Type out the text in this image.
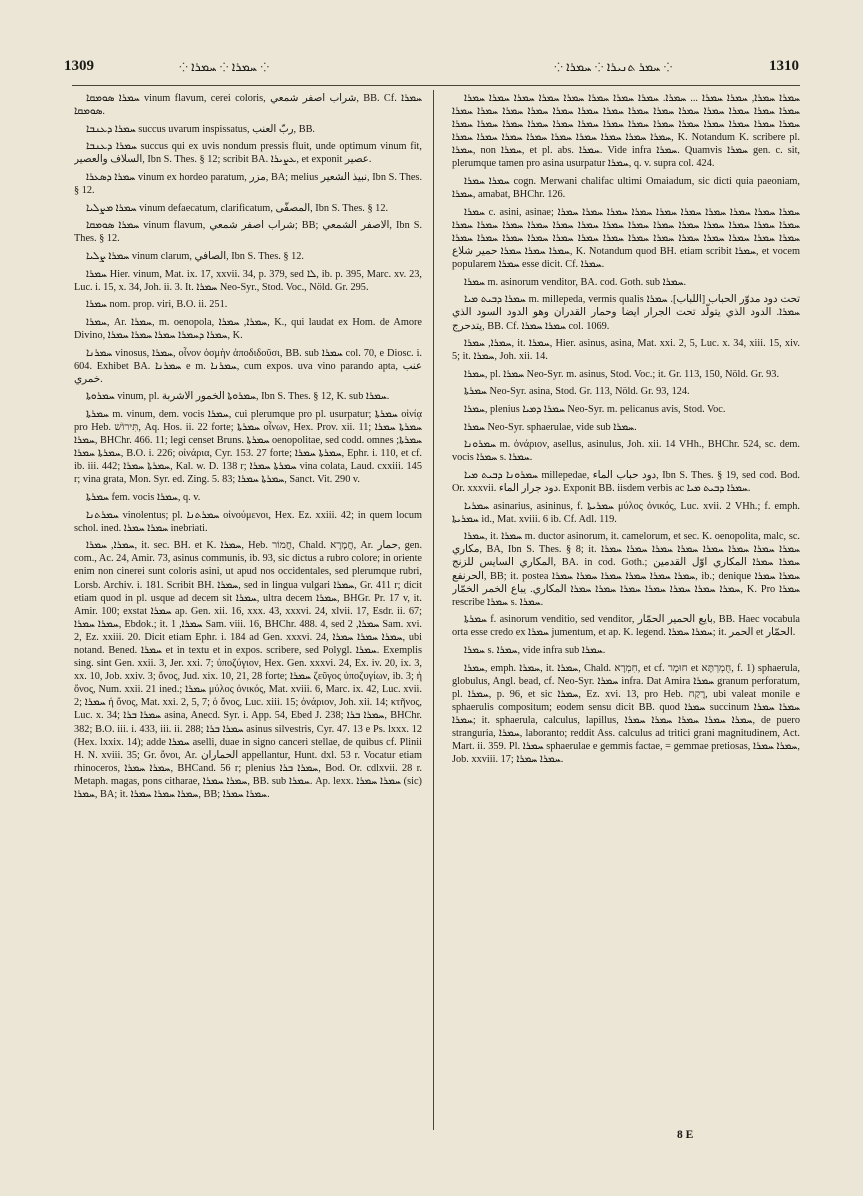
1309	⁘ ܚܡܪܐ ⁘ ܚܡܪܐ ⁘	⁘ ܚܡܪ ܬܢܝܪܐ ⁘ ܚܡܪܐ ⁘	1310

ܚܡܪܐ ܣܘܡܩܐ vinum flavum, cerei coloris, شراب اصفر شمعي, BB. Cf. ܚܡܪܐ ܣܘܡܩܐ.

ܚܡܪܐ ܕܥܢܒܐ succus uvarum inspissatus, ربّ العنب, BB.

ܚܡܪܐ ܕܥܢܒܐ succus qui ex uvis nondum pressis fluit, unde optimum vinum fit, السلاف والعصير, Ibn S. Thes. § 12; scribit BA. ܥܨܝܪܐ, et exponit عصير.

ܚܡܪܐ ܕܣܥܪܐ vinum ex hordeo paratum, مزر, BA; melius نبيذ الشعير, Ibn S. Thes. § 12.

ܚܡܪܐ ܡܨܠܝܐ vinum defaecatum, clarificatum, المصفّى, Ibn S. Thes. § 12.

ܚܡܪܐ ܣܘܡܩܐ vinum flavum, شراب اصفر شمعي; BB; الاصفر الشمعي, Ibn S. Thes. § 12.

ܚܡܪܐ ܨܠܝܐ vinum clarum, الصافي, Ibn S. Thes. § 12.

ܚܡܪܐ Hier. vinum, Mat. ix. 17, xxvii. 34, p. 379, sed ܠܐ, ib. p. 395, Marc. xv. 23, Luc. i. 15, x. 34, Joh. ii. 3. It. ܚܡܪܐ Neo-Syr., Stod. Voc., Nöld. Gr. 295.

ܚܡܪܐ nom. prop. viri, B.O. ii. 251.

ܚܡܪܐ, Ar. ܚܡܪܐ, m. oenopola, ܚܡܪܐ, ܚܡܪܐ, K., qui laudat ex Hom. de Amore Divino, ܚܡܪܐ ܕܚܡܪܐ ܚܡܪܐ ܚܡܪܐ ܚܡܪܐ, K.

ܚܡܪܢܐ vinosus, ܚܡܪܐ, οἶνον ὀσμὴν ἀποδιδοῦσι, BB. sub ܚܡܪܐ col. 70, e Diosc. i. 604. Exhibet BA. ܚܡܪܢܐ e m. ܚܡܪܢܐ, cum expos. uva vino parando apta, عنب خمري.

ܚܡܪܘܬܐ vinum, pl. ܚܡܪܘܬܐ الخمور الاشربة, Ibn S. Thes. § 12, K. sub ܚܡܪܐ.

ܚܡܪܬܐ m. vinum, dem. vocis ܚܡܪܐ, cui plerumque pro pl. usurpatur; ܚܡܪܬܐ οἰνίᾳ pro Heb. תִּירוֹשׁ, Aq. Hos. ii. 22 forte; ܚܡܪܬܐ οἶνων, Hex. Prov. xii. 11; ܚܡܪܬܐ ܚܡܪܐ ܚܡܪܐ, BHChr. 466. 11; legi censet Bruns. ܚܡܪܬܐ oenopolitae, sed codd. omnes ܚܡܪܬܐ; ܚܡܪܬܐ ܚܡܪܐ, B.O. i. 226; οἰνάρια, Cyr. 153. 27 forte; ܚܡܪܬܐ ܚܡܪܐ, Ephr. i. 110, et cf. ib. iii. 442; ܚܡܪܬܐ ܚܡܪܐ, Kal. w. D. 138 r; ܚܡܪܬܐ ܚܡܪܐ vina colata, Laud. cxxiii. 145 r; vina grata, Mon. Syr. ed. Zing. 5. 83; ܚܡܪܬܐ ܚܡܪܐ, Sanct. Vit. 290 v.

ܚܡܪܬܐ fem. vocis ܚܡܪܐ, q. v.

ܚܡܪܬܢܐ vinolentus; pl. ܚܡܪܬܢܐ οἰνούμενοι, Hex. Ez. xxiii. 42; in quem locum schol. ined. ܚܡܪܐ ܚܡܪܐ inebriati.

ܚܡܪܐ, ܚܡܪܐ, it. sec. BH. et K. ܚܡܪܐ, Heb. חֲמוֹר, Chald. חֲמָרָא, Ar. حمار, gen. com., Ac. 24, Amir. 73, asinus communis, ib. 93, sic dictus a rubro colore; in oriente enim non cinerei sunt coloris asini, ut apud nos occidentales, sed plerumque rubri, Lorsb. Archiv. i. 181. Scribit BH. ܚܡܪܐ, sed in lingua vulgari ܚܡܪܐ, Gr. 411 r; dicit etiam quod in pl. usque ad decem sit ܚܡܪܐ, ultra decem ܚܡܪܐ, BHGr. Pr. 17 v, it. Amir. 100; exstat ܚܡܪܐ ap. Gen. xii. 16, xxx. 43, xxxvi. 24, xlvii. 17, Esdr. ii. 67; ܚܡܪܐ ܚܡܪܐ, Ebdok.; it. ܚܡܪܐ, 1 Sam. viii. 16, BHChr. 488. 4, sed ܚܡܪܐ, 2 Sam. xvi. 2, Ez. xxiii. 20. Dicit etiam Ephr. i. 184 ad Gen. xxxvi. 24, ܚܡܪܐ ܚܡܪܐ ܚܡܪܐ, ubi notand. Bened. ܚܡܪܐ et in textu et in expos. scribere, sed Polygl. ܚܡܪܐ. Exemplis sing. sint Gen. xxii. 3, Jer. xxi. 7; ὑποζύγιον, Hex. Gen. xxxvi. 24, Ex. iv. 20, ix. 3, xx. 10, Job. xxiv. 3; ὄνος, Jud. xix. 10, 21, 28 forte; ܚܡܪܐ ζεῦγος ὑποζυγίων, ib. 3; ἡ ὄνος, Num. xxii. 21 ined.; ܚܡܪܐ μύλος ὀνικός, Mat. xviii. 6, Marc. ix. 42, Luc. xvii. 2; ܚܡܪܐ ἡ ὄνος, Mat. xxi. 2, 5, 7; ὁ ὄνος, Luc. xiii. 15; ὀνάριον, Joh. xii. 14; κτῆνος, Luc. x. 34; ܚܡܪܐ ܒܪܐ asina, Anecd. Syr. i. App. 54, Ebed J. 238; ܚܡܪܐ ܒܪܐ, BHChr. 382; B.O. iii. i. 433, iii. ii. 288; ܚܡܪܐ ܒܪܐ asinus silvestris, Cyr. 47. 13 e Ps. lxxx. 12 (Hex. lxxix. 14); adde ܚܡܪܐ aselli, duae in signo canceri stellae, de quibus cf. Plinii H. N. xviii. 35; Gr. ὄνοι, Ar. الحماران appellantur, Hunt. dxl. 53 r. Vocatur etiam rhinoceros, ܚܡܪܐ ܚܡܪܐ, BHCand. 56 r; plenius ܚܡܪܐ ܒܪܐ, Bod. Or. cdlxvii. 28 r. Metaph. magas, pons citharae, ܚܡܪܐ ܚܡܪܐ, BB. sub ܚܡܪܐ. Ap. lexx. ܚܡܪܐ ܚܡܪܐ (sic) ܚܡܪܐ, BA; it. ܚܡܪܐ ܚܡܪܐ ܚܡܪܐ, BB; ܚܡܪܐ ܚܡܪܐ.

ܚܡܪܐ ܚܡܪܐ, ܚܡܪܐ ܚܡܪܐ ... ܚܡܪܐ. ܚܡܪܐ ܚܡܪܐ ܚܡܪܐ ܚܡܪܐ ܚܡܪܐ ܚܡܪܐ ܚܡܪܐ ܚܡܪܐ ܚܡܪܐ ܚܡܪܐ ܚܡܪܐ ܚܡܪܐ ܚܡܪܐ ܚܡܪܐ ܚܡܪܐ ܚܡܪܐ ܚܡܪܐ ܚܡܪܐ ܚܡܪܐ ܚܡܪܐ ܚܡܪܐ ܚܡܪܐ ܚܡܪܐ ܚܡܪܐ ܚܡܪܐ ܚܡܪܐ ܚܡܪܐ ܚܡܪܐ ܚܡܪܐ ܚܡܪܐ ܚܡܪܐ ܚܡܪܐ ܚܡܪܐ ܚܡܪܐ ܚܡܪܐ ܚܡܪܐ ܚܡܪܐ ܚܡܪܐ ܚܡܪܐ ܚܡܪܐ ܚܡܪܐ ܚܡܪܐ ܚܡܪܐ ܚܡܪܐ ܚܡܪܐ, K. Notandum K. scribere pl. ܚܡܪܐ, non ܚܡܪܐ, et pl. abs. ܚܡܪܐ. Vide infra ܚܡܪܐ. Quamvis ܚܡܪܐ gen. c. sit, plerumque tamen pro asina usurpatur ܚܡܪܐ, q. v. supra col. 424.

ܚܡܪܐ ܚܡܪܐ cogn. Merwani chalifac ultimi Omaiadum, sic dicti quia paeoniam, ܚܡܪܐ, amabat, BHChr. 126.

ܚܡܪܐ c. asini, asinae; ܚܡܪܐ ܚܡܪܐ ܚܡܪܐ ܚܡܪܐ ܚܡܪܐ ܚܡܪܐ ܚܡܪܐ ܚܡܪܐ ܚܡܪܐ ܚܡܪܐ ܚܡܪܐ ܚܡܪܐ ܚܡܪܐ ܚܡܪܐ ܚܡܪܐ ܚܡܪܐ ܚܡܪܐ ܚܡܪܐ ܚܡܪܐ ܚܡܪܐ ܚܡܪܐ ܚܡܪܐ ܚܡܪܐ ܚܡܪܐ ܚܡܪܐ ܚܡܪܐ ܚܡܪܐ ܚܡܪܐ ܚܡܪܐ ܚܡܪܐ ܚܡܪܐ ܚܡܪܐ ܚܡܪܐ ܚܡܪܐ ܚܡܪܐ ܚܡܪܐ ܚܡܪܐ ܚܡܪܐ ܚܡܪܐ ܚܡܪܐ ܚܡܪܐ حمير شلاع, K. Notandum quod BH. etiam scribit ܚܡܪܐ, et vocem popularem ܚܡܪܐ esse dicit. Cf. ܚܡܪܐ.

ܚܡܪܐ m. asinorum venditor, BA. cod. Goth. sub ܚܡܪܐ.

ܚܡܪܐ ܕܒܝܬ ܡܝܐ m. millepeda, vermis qualis تحت دود مدوّر الحباب [اللباب]. ܚܡܪܐ ܚܡܪܐ. الدود الذي يتولّد تحت الجرار ايضا وحمار القدران وهو الدود السود الذي يتدحرج, BB. Cf. ܚܡܪܐ ܚܡܪܐ col. 1069.

ܚܡܪܐ, ܚܡܪܐ, it. ܚܡܪܐ, Hier. asinus, asina, Mat. xxi. 2, 5, Luc. x. 34, xiii. 15, xiv. 5; it. ܚܡܪܐ, Joh. xii. 14.

ܚܡܪܐ, pl. ܚܡܪܐ Neo-Syr. m. asinus, Stod. Voc.; it. Gr. 113, 150, Nöld. Gr. 93.

ܚܡܪܬܐ Neo-Syr. asina, Stod. Gr. 113, Nöld. Gr. 93, 124.

ܚܡܪܐ, plenius ܚܡܪܐ ܕܡܝܐ Neo-Syr. m. pelicanus avis, Stod. Voc.

ܚܡܪܐ Neo-Syr. sphaerulae, vide sub ܚܡܪܐ.

ܚܡܪܘܢܐ m. ὀνάριον, asellus, asinulus, Joh. xii. 14 VHh., BHChr. 524, sc. dem. vocis ܚܡܪܐ s. ܚܡܪܐ.

ܚܡܪܘܢܐ ܕܒܝܬ ܡܝܐ millepedae, دود حباب الماء, Ibn S. Thes. § 19, sed cod. Bod. Or. xxxvii. دود جرار الماء. Exponit BB. iisdem verbis ac ܚܡܪܐ ܕܒܝܬ ܡܝܐ.

ܚܡܪܝܐ asinarius, asininus, f. ܚܡܪܝܬܐ μύλος ὀνικός, Luc. xvii. 2 VHh.; f. emph. ܚܡܪܝܬܐ id., Mat. xviii. 6 ib. Cf. Adl. 119.

ܚܡܪܐ, it. ܚܡܪܐ m. ductor asinorum, it. camelorum, et sec. K. oenopolita, malc, sc. مكاري, BA, Ibn S. Thes. § 8; it. ܚܡܪܐ ܚܡܪܐ ܚܡܪܐ ܚܡܪܐ ܚܡܪܐ ܚܡܪܐ ܚܡܪܐ ܚܡܪܐ المكاري السايس للزنج, BA. in cod. Goth.; ܚܡܪܐ ܚܡܪܐ المكاري اوّل القدمين الحرنفع, BB; it. postea ܚܡܪܐ ܚܡܪܐ ܚܡܪܐ ܚܡܪܐ ܚܡܪܐ ܚܡܪܐ, ib.; denique ܚܡܪܐ ܚܡܪܐ ܚܡܪܐ ܚܡܪܐ ܚܡܪܐ ܚܡܪܐ ܚܡܪܐ ܚܡܪܐ ܚܡܪܐ المكاري. يباع الخمر الخمّار, K. Pro ܚܡܪܐ rescribe ܚܡܪܐ s. ܚܡܪܐ.

ܚܡܪܬܐ f. asinorum venditio, sed venditor, بايع الحمير الحمّار, BB. Haec vocabula orta esse credo ex ܚܡܪܐ jumentum, et ap. K. legend. ܚܡܪܐ ܚܡܪܐ; it. الحمر et الحمّار.

ܚܡܪܐ s. ܚܡܪܐ, vide infra sub ܚܡܪܐ.

ܚܡܪܐ, emph. ܚܡܪܐ, it. ܚܡܪܐ, Chald. חִמְרָא, et cf. חוּמָר et חֻמְרְתָּא, f. 1) sphaerula, globulus, Angl. bead, cf. Neo-Syr. ܚܡܪܐ infra. Dat Amira ܚܡܪܐ granum perforatum, pl. ܚܡܪܐ, p. 96, et sic ܚܡܪܐ, Ez. xvi. 13, pro Heb. רֶקַח, ubi valeat monile e sphaerulis compositum; eodem sensu dicit BB. quod ܚܡܪܐ succinum ܚܡܪܐ ܚܡܪܐ ܚܡܪܐ; it. sphaerula, calculus, lapillus, ܚܡܪܐ ܚܡܪܐ ܚܡܪܐ ܚܡܪܐ ܚܡܪܐ, de puero stranguria, ܚܡܪܐ, laboranto; reddit Ass. calculus ad tritici grani magnitudinem, Act. Mart. ii. 359. Pl. ܚܡܪܐ sphaerulae e gemmis factae, = gemmae pretiosas, ܚܡܪܐ ܚܡܪܐ, Job. xxviii. 17; ܚܡܪܐ ܚܡܪܐ.

8 E
